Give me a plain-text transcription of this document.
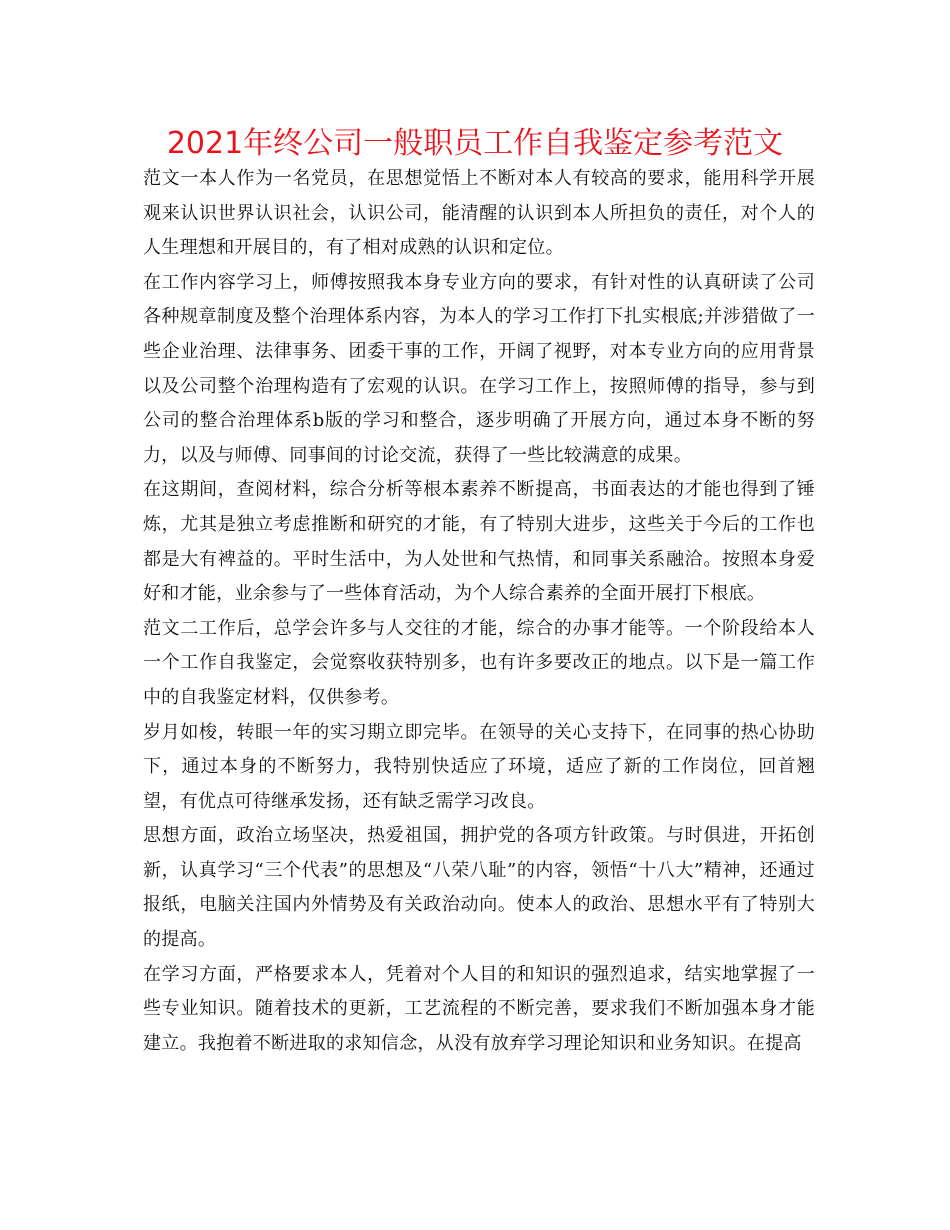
2021年终公司一般职员工作自我鉴定参考范文

范文一本人作为一名党员，在思想觉悟上不断对本人有较高的要求，能用科学开展观来认识世界认识社会，认识公司，能清醒的认识到本人所担负的责任，对个人的人生理想和开展目的，有了相对成熟的认识和定位。

在工作内容学习上，师傅按照我本身专业方向的要求，有针对性的认真研读了公司各种规章制度及整个治理体系内容，为本人的学习工作打下扎实根底;并涉猎做了一些企业治理、法律事务、团委干事的工作，开阔了视野，对本专业方向的应用背景以及公司整个治理构造有了宏观的认识。在学习工作上，按照师傅的指导，参与到公司的整合治理体系b版的学习和整合，逐步明确了开展方向，通过本身不断的努力，以及与师傅、同事间的讨论交流，获得了一些比较满意的成果。

在这期间，查阅材料，综合分析等根本素养不断提高，书面表达的才能也得到了锤炼，尤其是独立考虑推断和研究的才能，有了特别大进步，这些关于今后的工作也都是大有裨益的。平时生活中，为人处世和气热情，和同事关系融洽。按照本身爱好和才能，业余参与了一些体育活动，为个人综合素养的全面开展打下根底。

范文二工作后，总学会许多与人交往的才能，综合的办事才能等。一个阶段给本人一个工作自我鉴定，会觉察收获特别多，也有许多要改正的地点。以下是一篇工作中的自我鉴定材料，仅供参考。

岁月如梭，转眼一年的实习期立即完毕。在领导的关心支持下，在同事的热心协助下，通过本身的不断努力，我特别快适应了环境，适应了新的工作岗位，回首翘望，有优点可待继承发扬，还有缺乏需学习改良。

思想方面，政治立场坚决，热爱祖国，拥护党的各项方针政策。与时俱进，开拓创新，认真学习“三个代表”的思想及“八荣八耻”的内容，领悟“十八大”精神，还通过报纸，电脑关注国内外情势及有关政治动向。使本人的政治、思想水平有了特别大的提高。

在学习方面，严格要求本人，凭着对个人目的和知识的强烈追求，结实地掌握了一些专业知识。随着技术的更新，工艺流程的不断完善，要求我们不断加强本身才能建立。我抱着不断进取的求知信念，从没有放弃学习理论知识和业务知识。在提高
